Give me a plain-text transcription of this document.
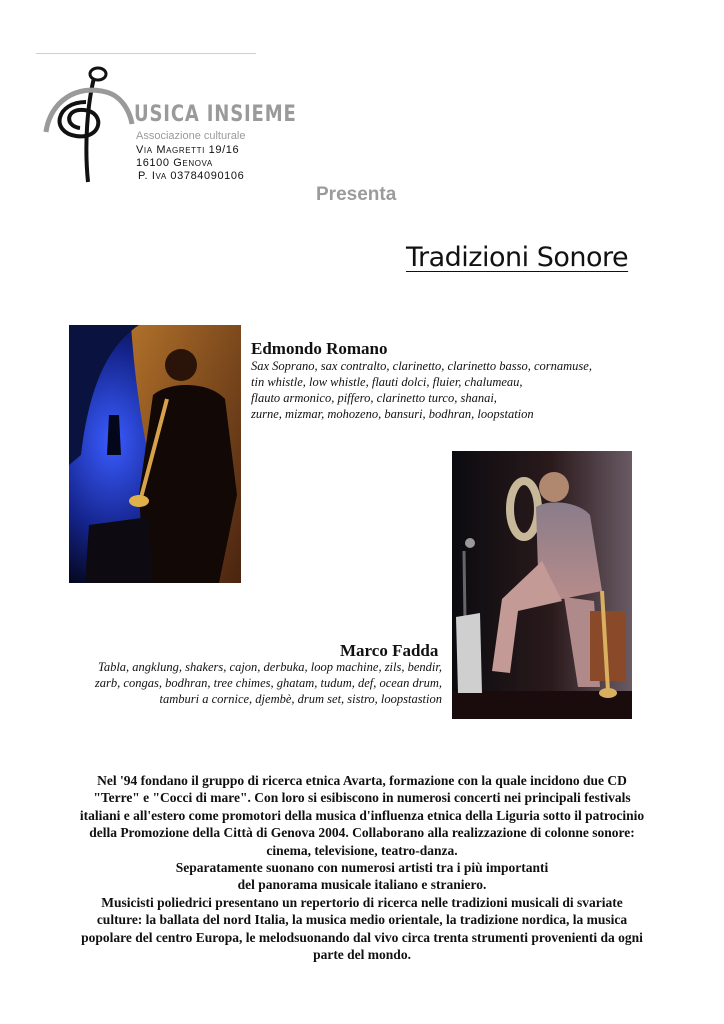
USICA INSIEME
Associazione culturale
Via Magretti 19/16
16100 Genova
P. Iva 03784090106
Presenta
Tradizioni Sonore
Edmondo Romano
Sax Soprano, sax contralto, clarinetto, clarinetto basso, cornamuse,
tin whistle, low whistle, flauti dolci, fluier, chalumeau,
flauto armonico, piffero, clarinetto turco, shanai,
zurne, mizmar, mohozeno, bansuri, bodhran, loopstation
Marco Fadda
Tabla, angklung, shakers, cajon, derbuka, loop machine, zils, bendir,
zarb, congas, bodhran, tree chimes, ghatam, tudum, def, ocean drum,
tamburi a cornice, djembè, drum set, sistro, loopstastion
Nel '94 fondano il gruppo di ricerca etnica Avarta, formazione con la quale incidono due CD
"Terre" e "Cocci di mare". Con loro si esibiscono in numerosi concerti nei principali festivals
italiani e all'estero come promotori della musica d'influenza etnica della Liguria sotto il patrocinio
della Promozione della Città di Genova 2004. Collaborano alla realizzazione di colonne sonore:
cinema, televisione, teatro-danza.
Separatamente suonano con numerosi artisti tra i più importanti
del panorama musicale italiano e straniero.
Musicisti poliedrici presentano un repertorio di ricerca nelle tradizioni musicali di svariate
culture: la ballata del nord Italia, la musica medio orientale, la tradizione nordica, la musica
popolare del centro Europa, le melodsuonando dal vivo circa trenta strumenti provenienti da ogni
parte del mondo.
